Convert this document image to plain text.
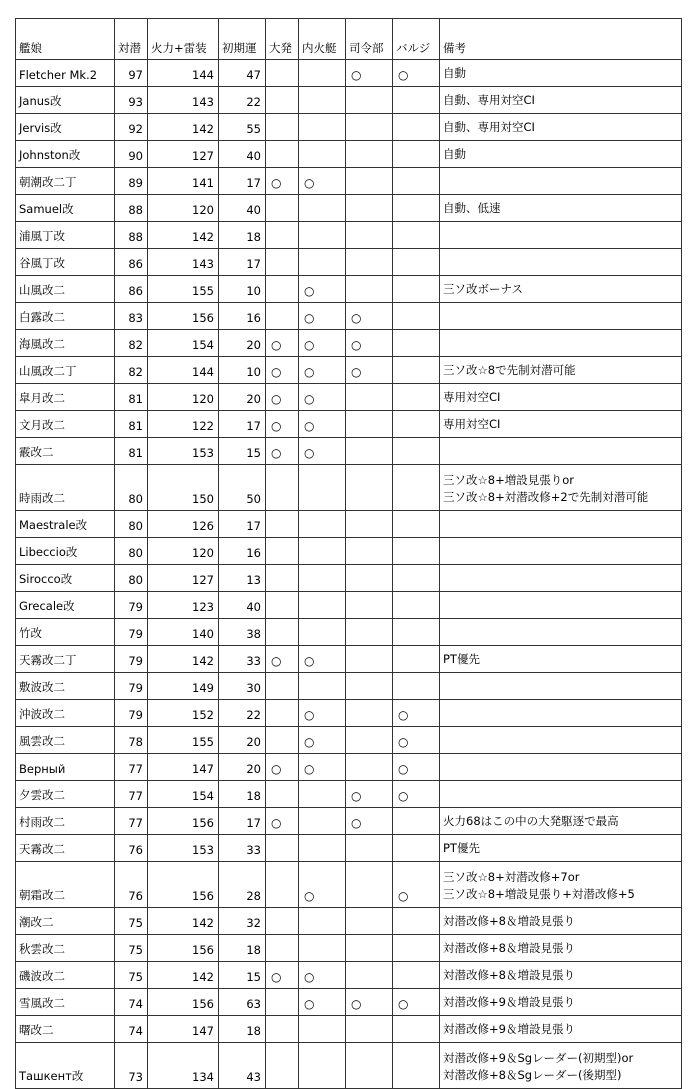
艦娘	対潜	火力+雷装	初期運	大発	内火艇	司令部	バルジ	備考
Fletcher Mk.2	97	144	47			○	○	自動

Janus改	93	143	22					自動、専用対空CI

Jervis改	92	142	55					自動、専用対空CI

Johnston改	90	127	40					自動

朝潮改二丁	89	141	17	○	○			

Samuel改	88	120	40					自動、低速

浦風丁改	88	142	18					

谷風丁改	86	143	17					

山風改二	86	155	10		○			三ソ改ボーナス

白露改二	83	156	16		○	○		

海風改二	82	154	20	○	○	○		

山風改二丁	82	144	10	○	○	○		三ソ改☆8で先制対潜可能

皐月改二	81	120	20	○	○			専用対空CI

文月改二	81	122	17	○	○			専用対空CI

霰改二	81	153	15	○	○			

時雨改二	80	150	50					三ソ改☆8+増設見張りor
三ソ改☆8+対潜改修+2で先制対潜可能

Maestrale改	80	126	17					

Libeccio改	80	120	16					

Sirocco改	80	127	13					

Grecale改	79	123	40					

竹改	79	140	38					

天霧改二丁	79	142	33	○	○			PT優先

敷波改二	79	149	30					

沖波改二	79	152	22		○		○	

風雲改二	78	155	20		○		○	

Верный	77	147	20	○	○		○	

夕雲改二	77	154	18			○	○	

村雨改二	77	156	17	○		○		火力68はこの中の大発駆逐で最高

天霧改二	76	153	33					PT優先

朝霜改二	76	156	28		○		○	三ソ改☆8+対潜改修+7or
三ソ改☆8+増設見張り+対潜改修+5

潮改二	75	142	32					対潜改修+8＆増設見張り

秋雲改二	75	156	18					対潜改修+8＆増設見張り

磯波改二	75	142	15	○	○			対潜改修+8＆増設見張り

雪風改二	74	156	63		○	○	○	対潜改修+9＆増設見張り

曙改二	74	147	18					対潜改修+9＆増設見張り

Ташкент改	73	134	43					対潜改修+9＆Sgレーダー(初期型)or
対潜改修+8＆Sgレーダー(後期型)
